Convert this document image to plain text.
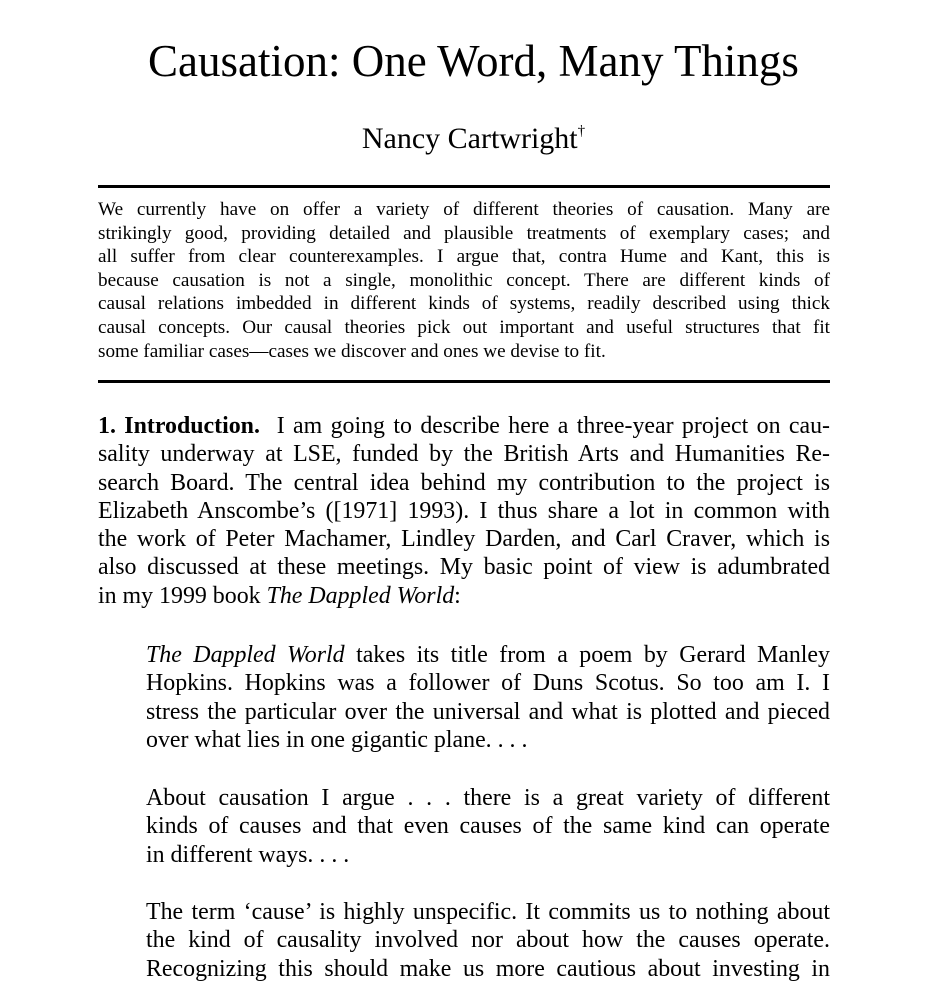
Causation: One Word, Many Things

Nancy Cartwright†

We currently have on offer a variety of different theories of causation. Many are
strikingly good, providing detailed and plausible treatments of exemplary cases; and
all suffer from clear counterexamples. I argue that, contra Hume and Kant, this is
because causation is not a single, monolithic concept. There are different kinds of
causal relations imbedded in different kinds of systems, readily described using thick
causal concepts. Our causal theories pick out important and useful structures that fit
some familiar cases—cases we discover and ones we devise to fit.
1. Introduction. I am going to describe here a three-year project on cau-
sality underway at LSE, funded by the British Arts and Humanities Re-
search Board. The central idea behind my contribution to the project is
Elizabeth Anscombe’s ([1971] 1993). I thus share a lot in common with
the work of Peter Machamer, Lindley Darden, and Carl Craver, which is
also discussed at these meetings. My basic point of view is adumbrated
in my 1999 book The Dappled World:
The Dappled World takes its title from a poem by Gerard Manley
Hopkins. Hopkins was a follower of Duns Scotus. So too am I. I
stress the particular over the universal and what is plotted and pieced
over what lies in one gigantic plane. . . .
About causation I argue . . . there is a great variety of different
kinds of causes and that even causes of the same kind can operate
in different ways. . . .
The term ‘cause’ is highly unspecific. It commits us to nothing about
the kind of causality involved nor about how the causes operate.
Recognizing this should make us more cautious about investing in
